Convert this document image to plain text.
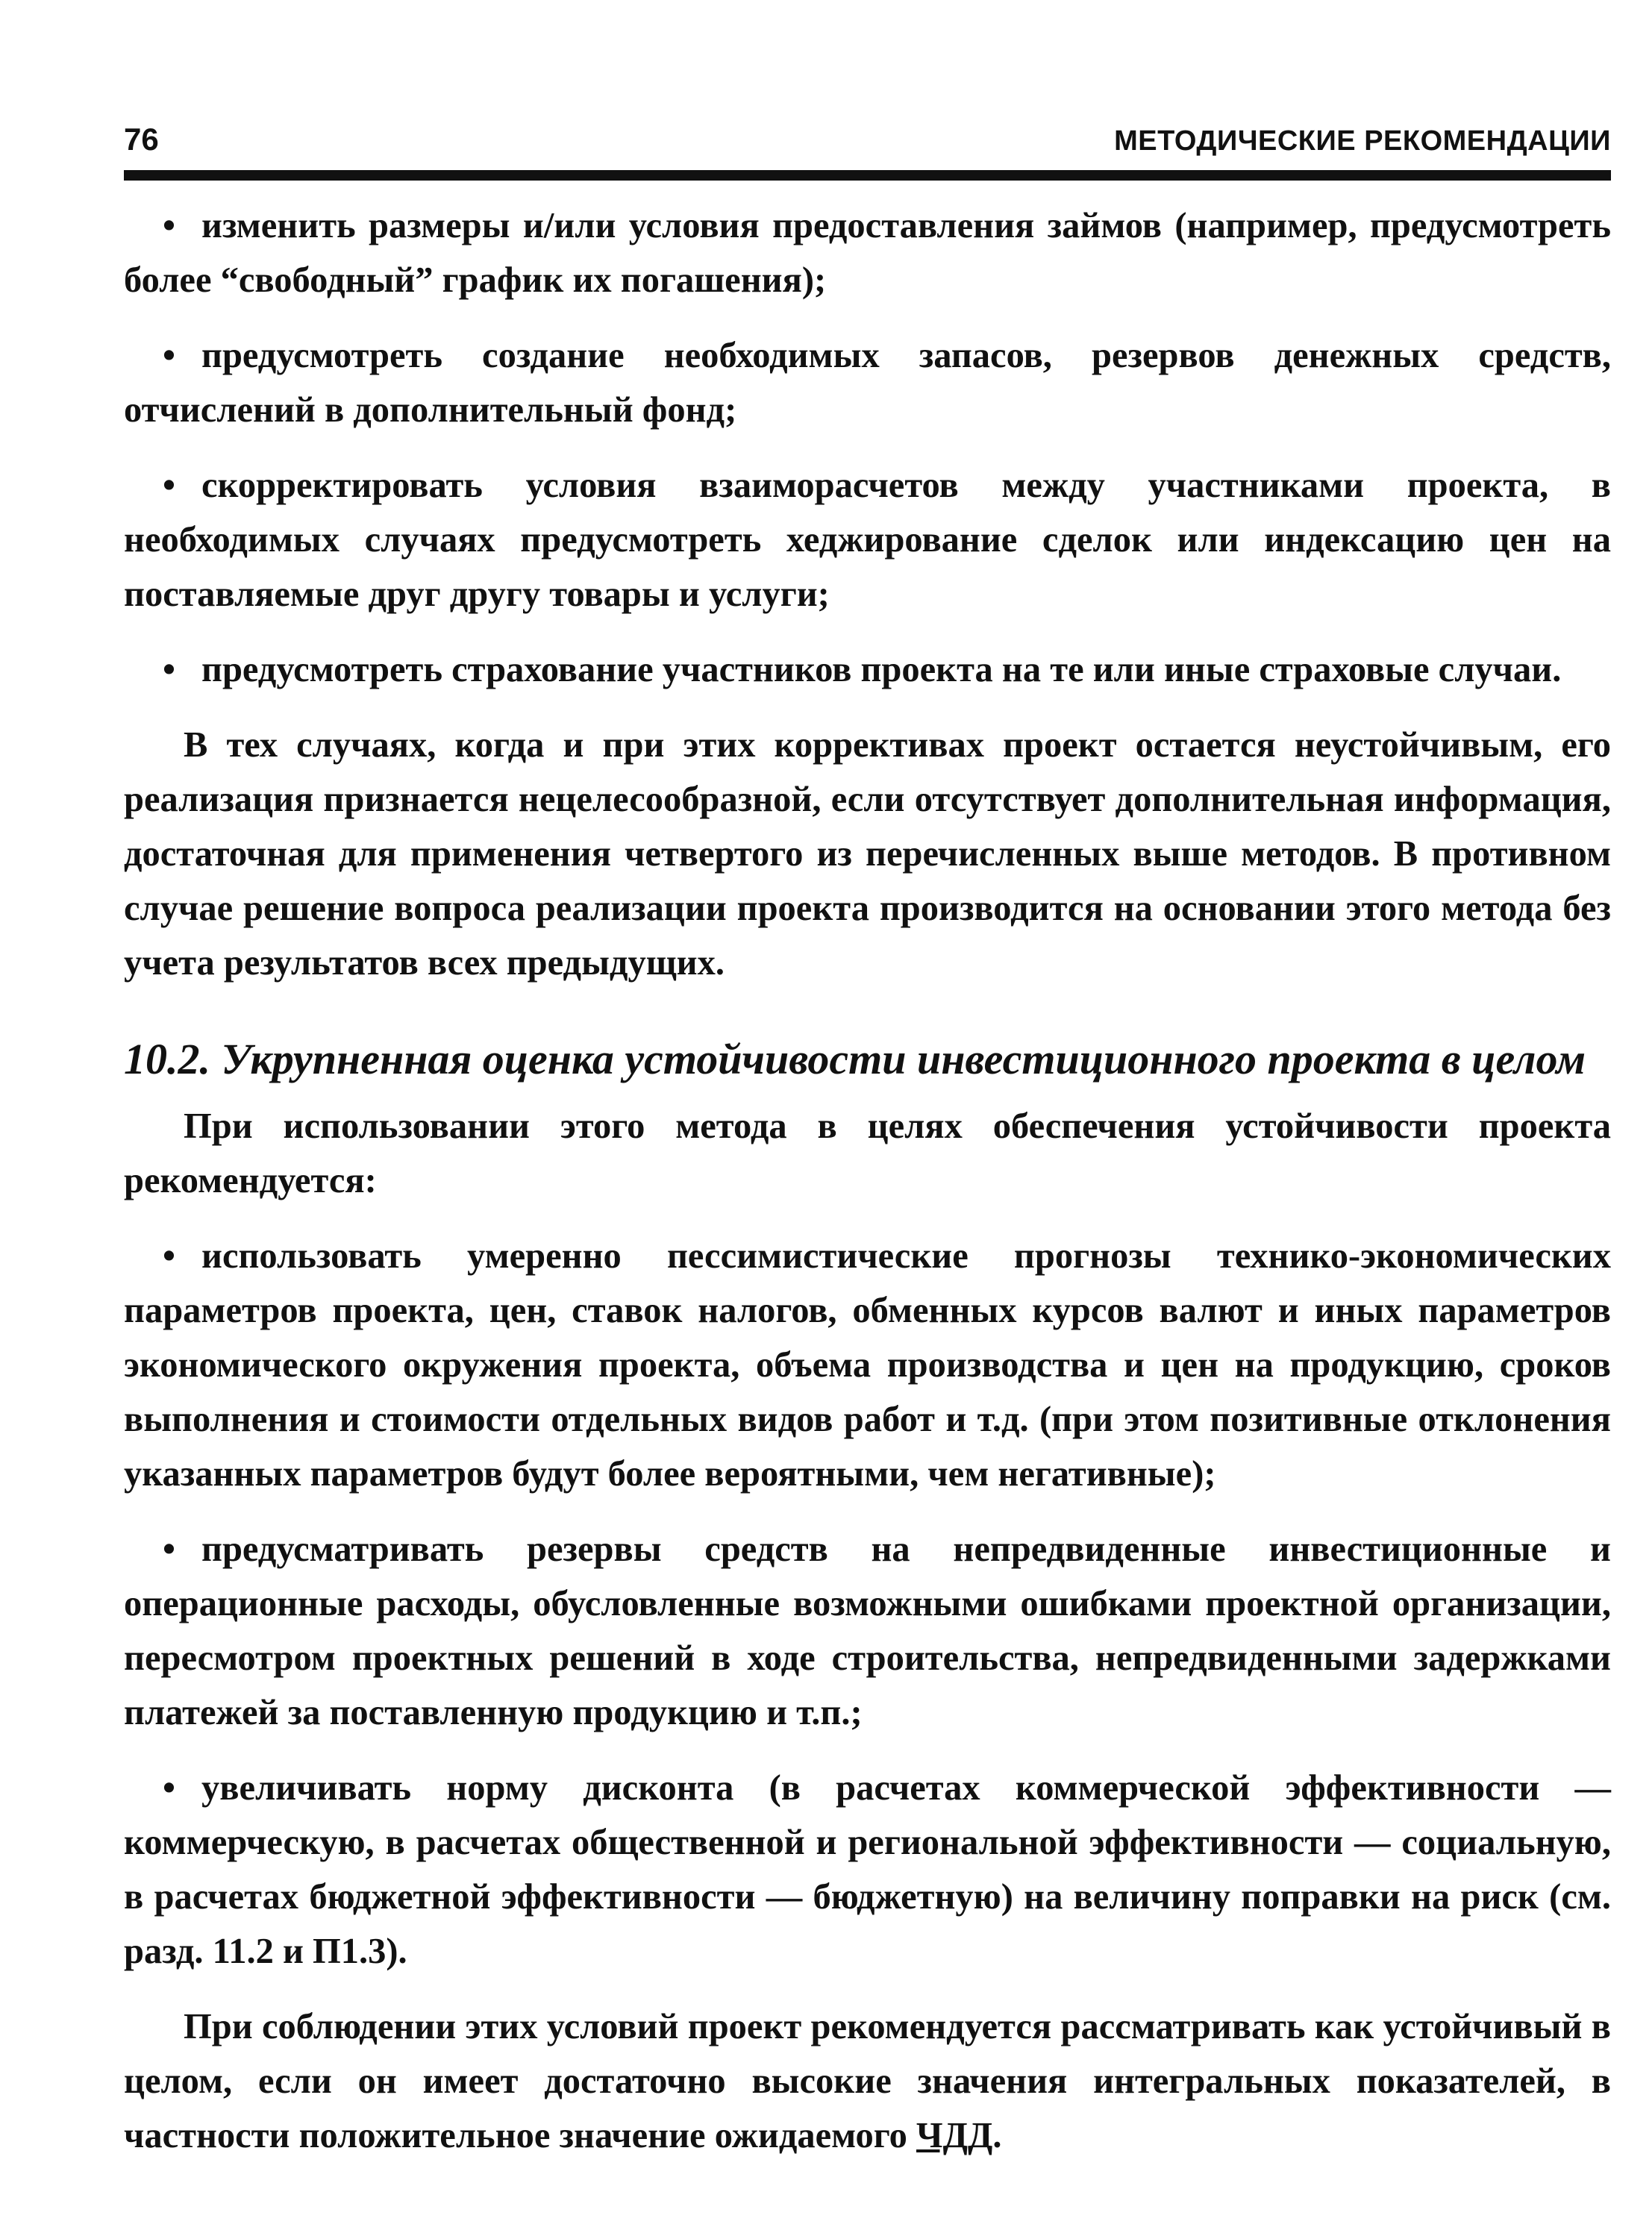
76	МЕТОДИЧЕСКИЕ РЕКОМЕНДАЦИИ

• изменить размеры и/или условия предоставления займов (например, предусмотреть более “свободный” график их погашения);

• предусмотреть создание необходимых запасов, резервов денежных средств, отчислений в дополнительный фонд;

• скорректировать условия взаиморасчетов между участниками проекта, в необходимых случаях предусмотреть хеджирование сделок или индексацию цен на поставляемые друг другу товары и услуги;

• предусмотреть страхование участников проекта на те или иные страховые случаи.

В тех случаях, когда и при этих коррективах проект остается неустойчивым, его реализация признается нецелесообразной, если отсутствует дополнительная информация, достаточная для применения четвертого из перечисленных выше методов. В противном случае решение вопроса реализации проекта производится на основании этого метода без учета результатов всех предыдущих.

10.2. Укрупненная оценка устойчивости инвестиционного проекта в целом

При использовании этого метода в целях обеспечения устойчивости проекта рекомендуется:

• использовать умеренно пессимистические прогнозы технико-экономических параметров проекта, цен, ставок налогов, обменных курсов валют и иных параметров экономического окружения проекта, объема производства и цен на продукцию, сроков выполнения и стоимости отдельных видов работ и т.д. (при этом позитивные отклонения указанных параметров будут более вероятными, чем негативные);

• предусматривать резервы средств на непредвиденные инвестиционные и операционные расходы, обусловленные возможными ошибками проектной организации, пересмотром проектных решений в ходе строительства, непредвиденными задержками платежей за поставленную продукцию и т.п.;

• увеличивать норму дисконта (в расчетах коммерческой эффективности — коммерческую, в расчетах общественной и региональной эффективности — социальную, в расчетах бюджетной эффективности — бюджетную) на величину поправки на риск (см. разд. 11.2 и П1.3).

При соблюдении этих условий проект рекомендуется рассматривать как устойчивый в целом, если он имеет достаточно высокие значения интегральных показателей, в частности положительное значение ожидаемого ЧДД.
